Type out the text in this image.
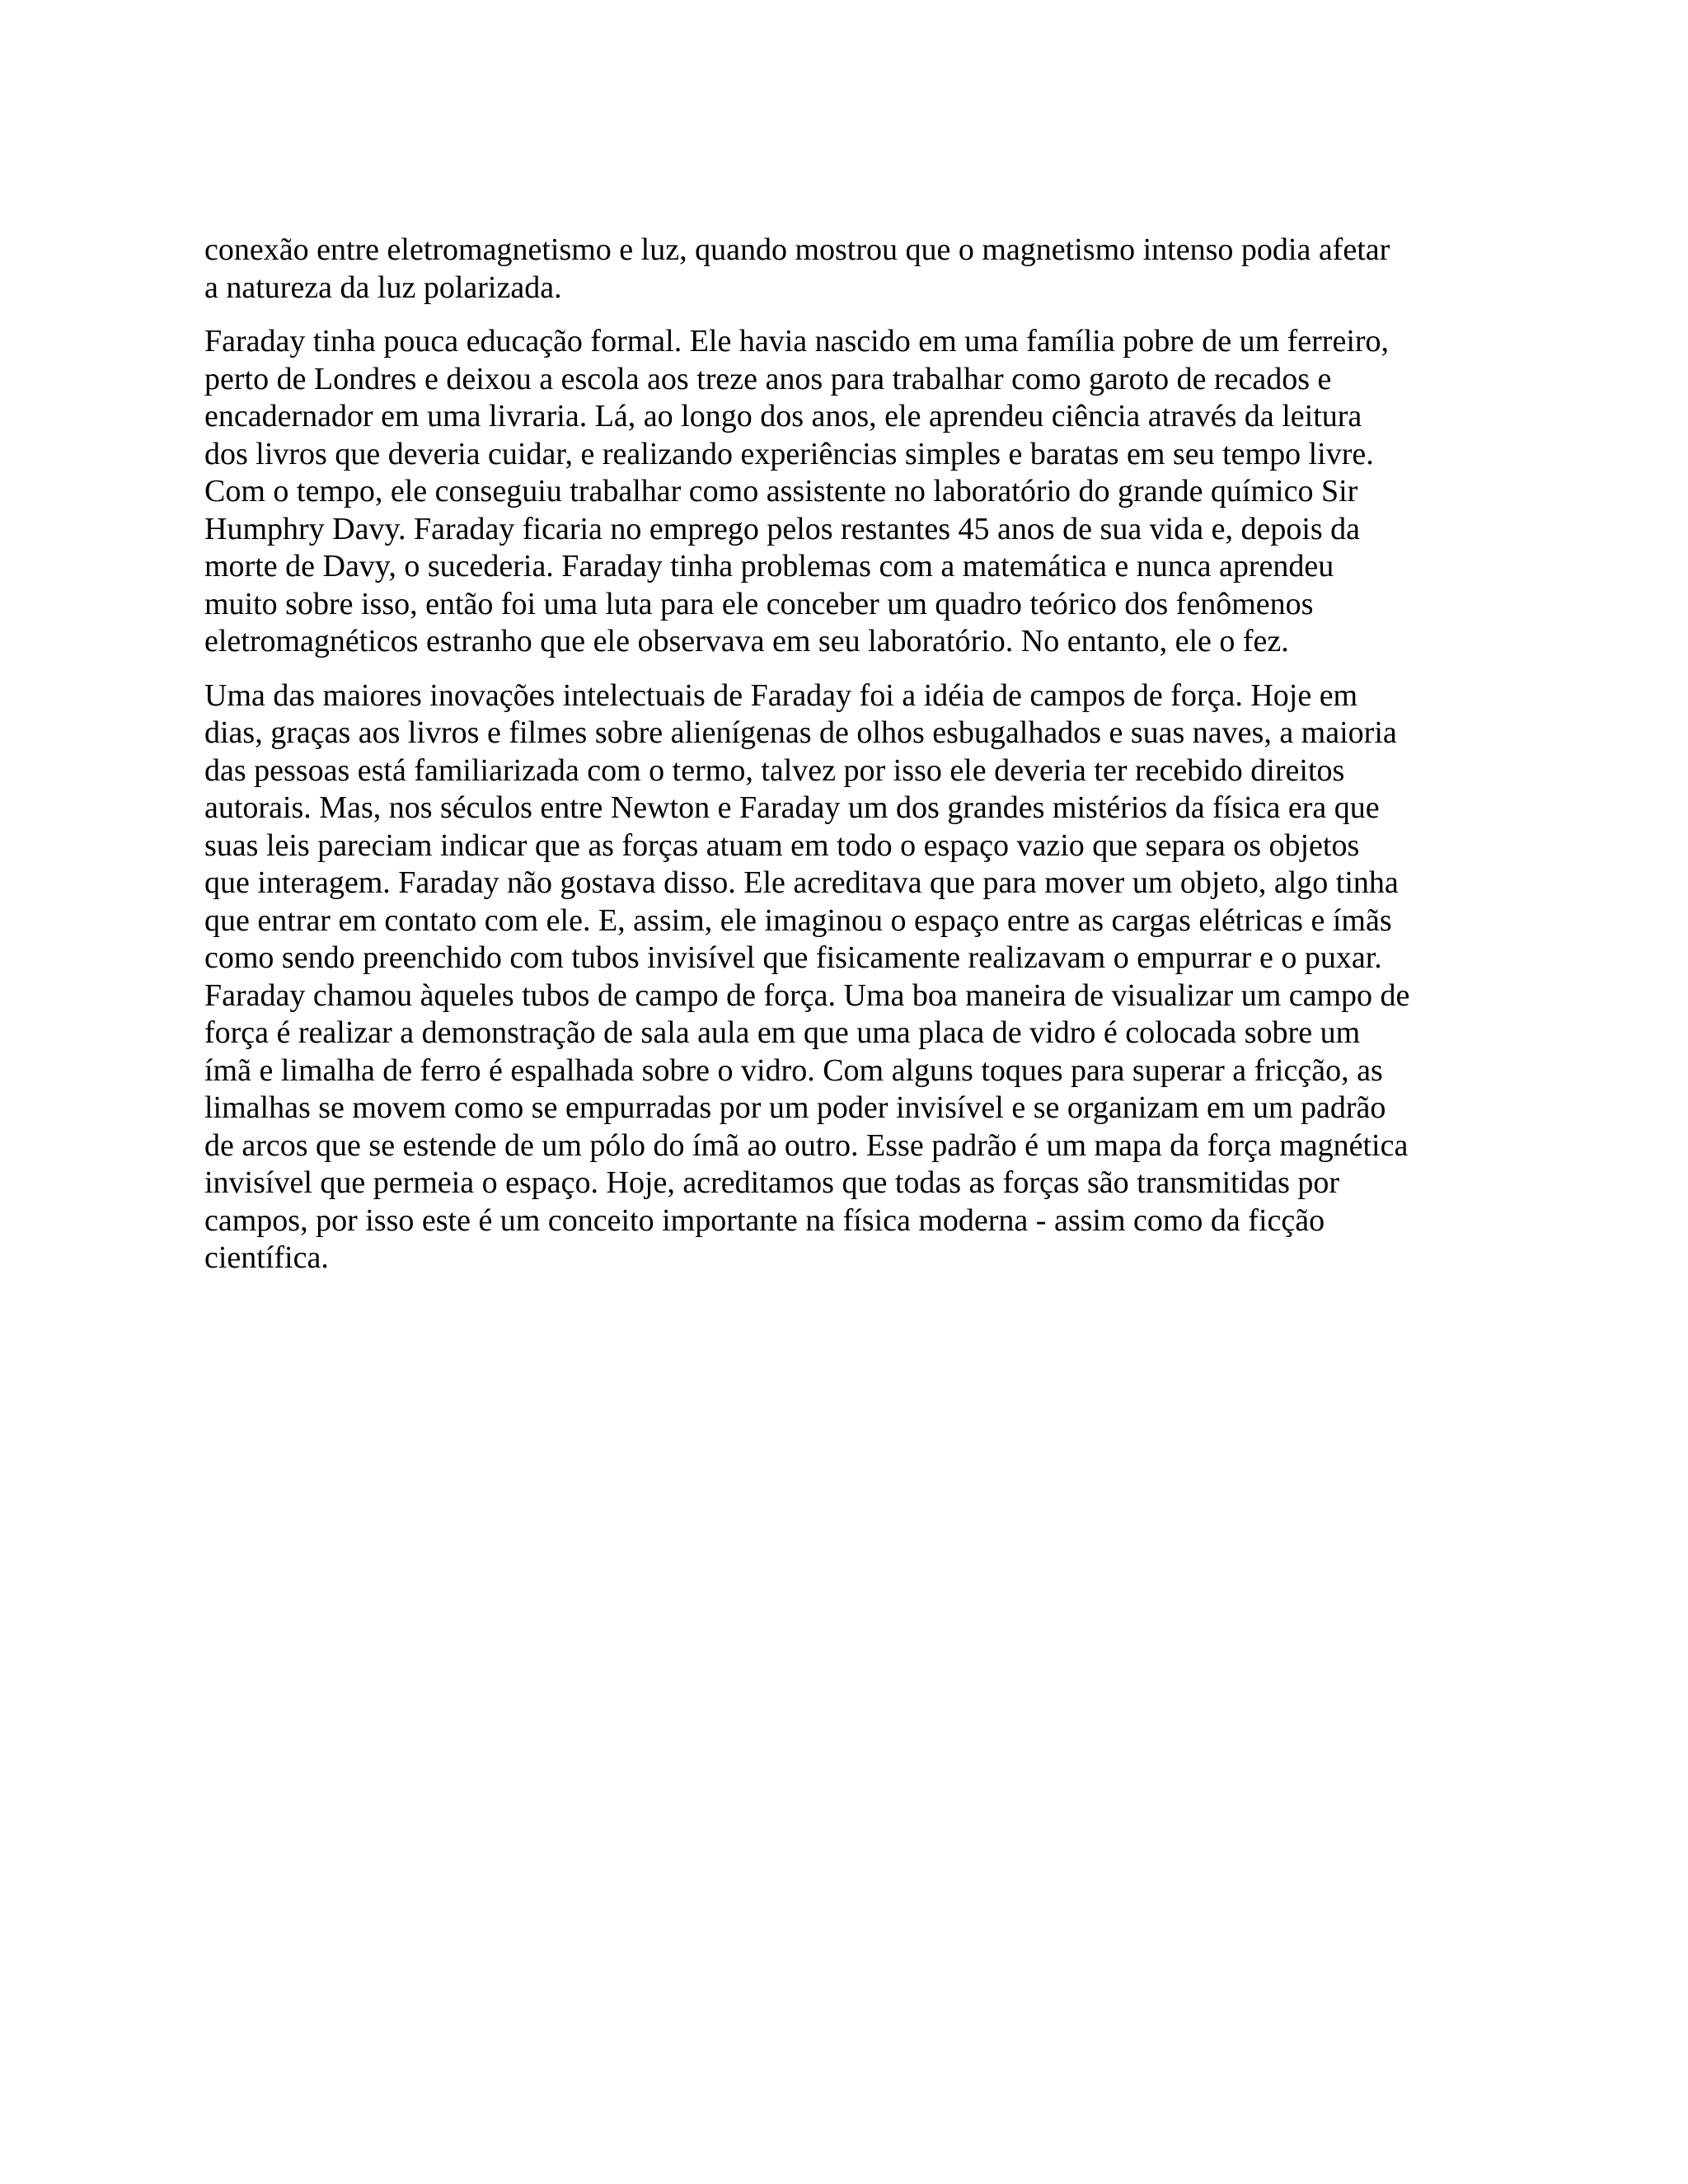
conexão entre eletromagnetismo e luz, quando mostrou que o magnetismo intenso podia afetar
a natureza da luz polarizada.

Faraday tinha pouca educação formal. Ele havia nascido em uma família pobre de um ferreiro,
perto de Londres e deixou a escola aos treze anos para trabalhar como garoto de recados e
encadernador em uma livraria. Lá, ao longo dos anos, ele aprendeu ciência através da leitura
dos livros que deveria cuidar, e realizando experiências simples e baratas em seu tempo livre.
Com o tempo, ele conseguiu trabalhar como assistente no laboratório do grande químico Sir
Humphry Davy. Faraday ficaria no emprego pelos restantes 45 anos de sua vida e, depois da
morte de Davy, o sucederia. Faraday tinha problemas com a matemática e nunca aprendeu
muito sobre isso, então foi uma luta para ele conceber um quadro teórico dos fenômenos
eletromagnéticos estranho que ele observava em seu laboratório. No entanto, ele o fez.

Uma das maiores inovações intelectuais de Faraday foi a idéia de campos de força. Hoje em
dias, graças aos livros e filmes sobre alienígenas de olhos esbugalhados e suas naves, a maioria
das pessoas está familiarizada com o termo, talvez por isso ele deveria ter recebido direitos
autorais. Mas, nos séculos entre Newton e Faraday um dos grandes mistérios da física era que
suas leis pareciam indicar que as forças atuam em todo o espaço vazio que separa os objetos
que interagem. Faraday não gostava disso. Ele acreditava que para mover um objeto, algo tinha
que entrar em contato com ele. E, assim, ele imaginou o espaço entre as cargas elétricas e ímãs
como sendo preenchido com tubos invisível que fisicamente realizavam o empurrar e o puxar.
Faraday chamou àqueles tubos de campo de força. Uma boa maneira de visualizar um campo de
força é realizar a demonstração de sala aula em que uma placa de vidro é colocada sobre um
ímã e limalha de ferro é espalhada sobre o vidro. Com alguns toques para superar a fricção, as
limalhas se movem como se empurradas por um poder invisível e se organizam em um padrão
de arcos que se estende de um pólo do ímã ao outro. Esse padrão é um mapa da força magnética
invisível que permeia o espaço. Hoje, acreditamos que todas as forças são transmitidas por
campos, por isso este é um conceito importante na física moderna - assim como da ficção
científica.
